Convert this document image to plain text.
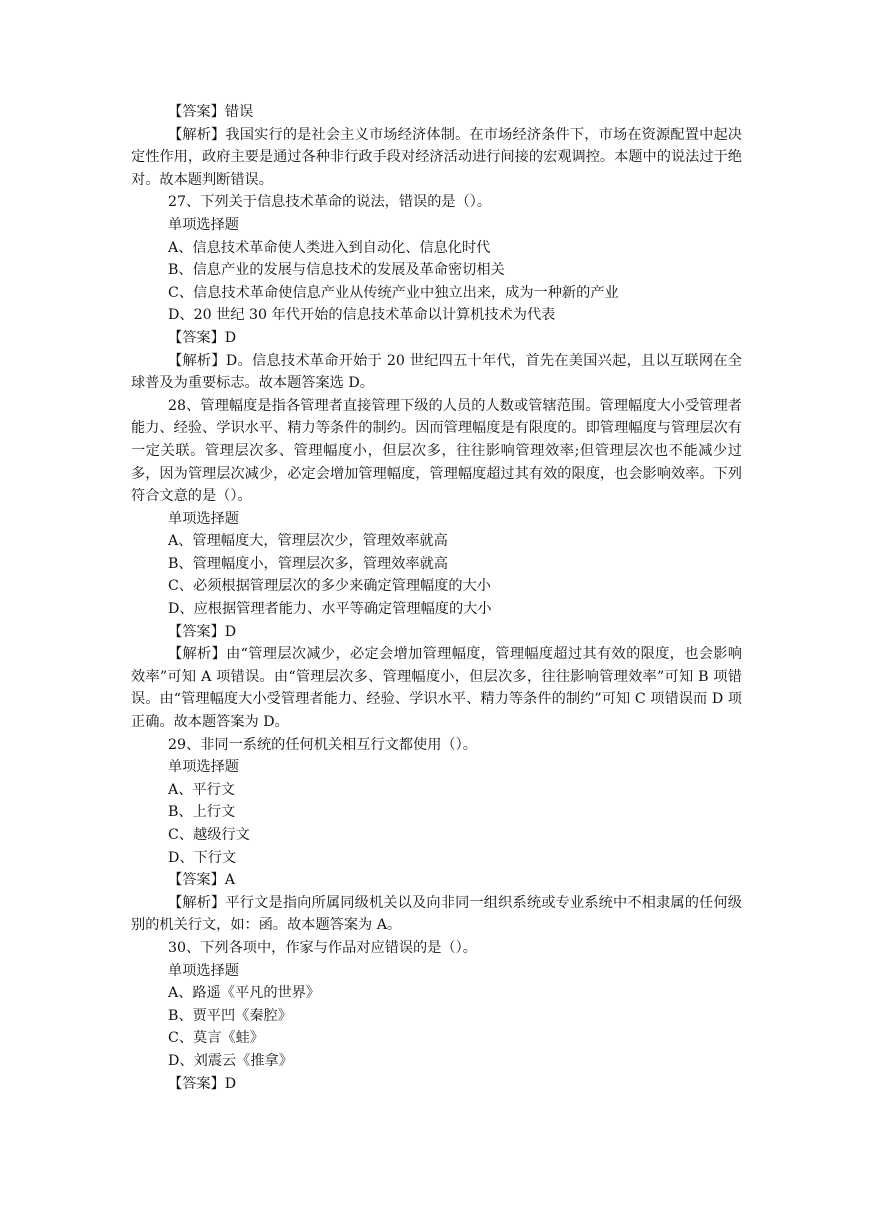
【答案】错误

【解析】我国实行的是社会主义市场经济体制。在市场经济条件下，市场在资源配置中起决定性作用，政府主要是通过各种非行政手段对经济活动进行间接的宏观调控。本题中的说法过于绝对。故本题判断错误。

27、下列关于信息技术革命的说法，错误的是（）。

单项选择题

A、信息技术革命使人类进入到自动化、信息化时代

B、信息产业的发展与信息技术的发展及革命密切相关

C、信息技术革命使信息产业从传统产业中独立出来，成为一种新的产业

D、20 世纪 30 年代开始的信息技术革命以计算机技术为代表

【答案】D

【解析】D。信息技术革命开始于 20 世纪四五十年代，首先在美国兴起，且以互联网在全球普及为重要标志。故本题答案选 D。

28、管理幅度是指各管理者直接管理下级的人员的人数或管辖范围。管理幅度大小受管理者能力、经验、学识水平、精力等条件的制约。因而管理幅度是有限度的。即管理幅度与管理层次有一定关联。管理层次多、管理幅度小，但层次多，往往影响管理效率;但管理层次也不能减少过多，因为管理层次减少，必定会增加管理幅度，管理幅度超过其有效的限度，也会影响效率。下列符合文意的是（）。

单项选择题

A、管理幅度大，管理层次少，管理效率就高

B、管理幅度小，管理层次多，管理效率就高

C、必须根据管理层次的多少来确定管理幅度的大小

D、应根据管理者能力、水平等确定管理幅度的大小

【答案】D

【解析】由“管理层次减少，必定会增加管理幅度，管理幅度超过其有效的限度，也会影响效率”可知 A 项错误。由“管理层次多、管理幅度小，但层次多，往往影响管理效率”可知 B 项错误。由“管理幅度大小受管理者能力、经验、学识水平、精力等条件的制约”可知 C 项错误而 D 项正确。故本题答案为 D。

29、非同一系统的任何机关相互行文都使用（）。

单项选择题

A、平行文

B、上行文

C、越级行文

D、下行文

【答案】A

【解析】平行文是指向所属同级机关以及向非同一组织系统或专业系统中不相隶属的任何级别的机关行文，如：函。故本题答案为 A。

30、下列各项中，作家与作品对应错误的是（）。

单项选择题

A、路遥《平凡的世界》

B、贾平凹《秦腔》

C、莫言《蛙》

D、刘震云《推拿》

【答案】D
